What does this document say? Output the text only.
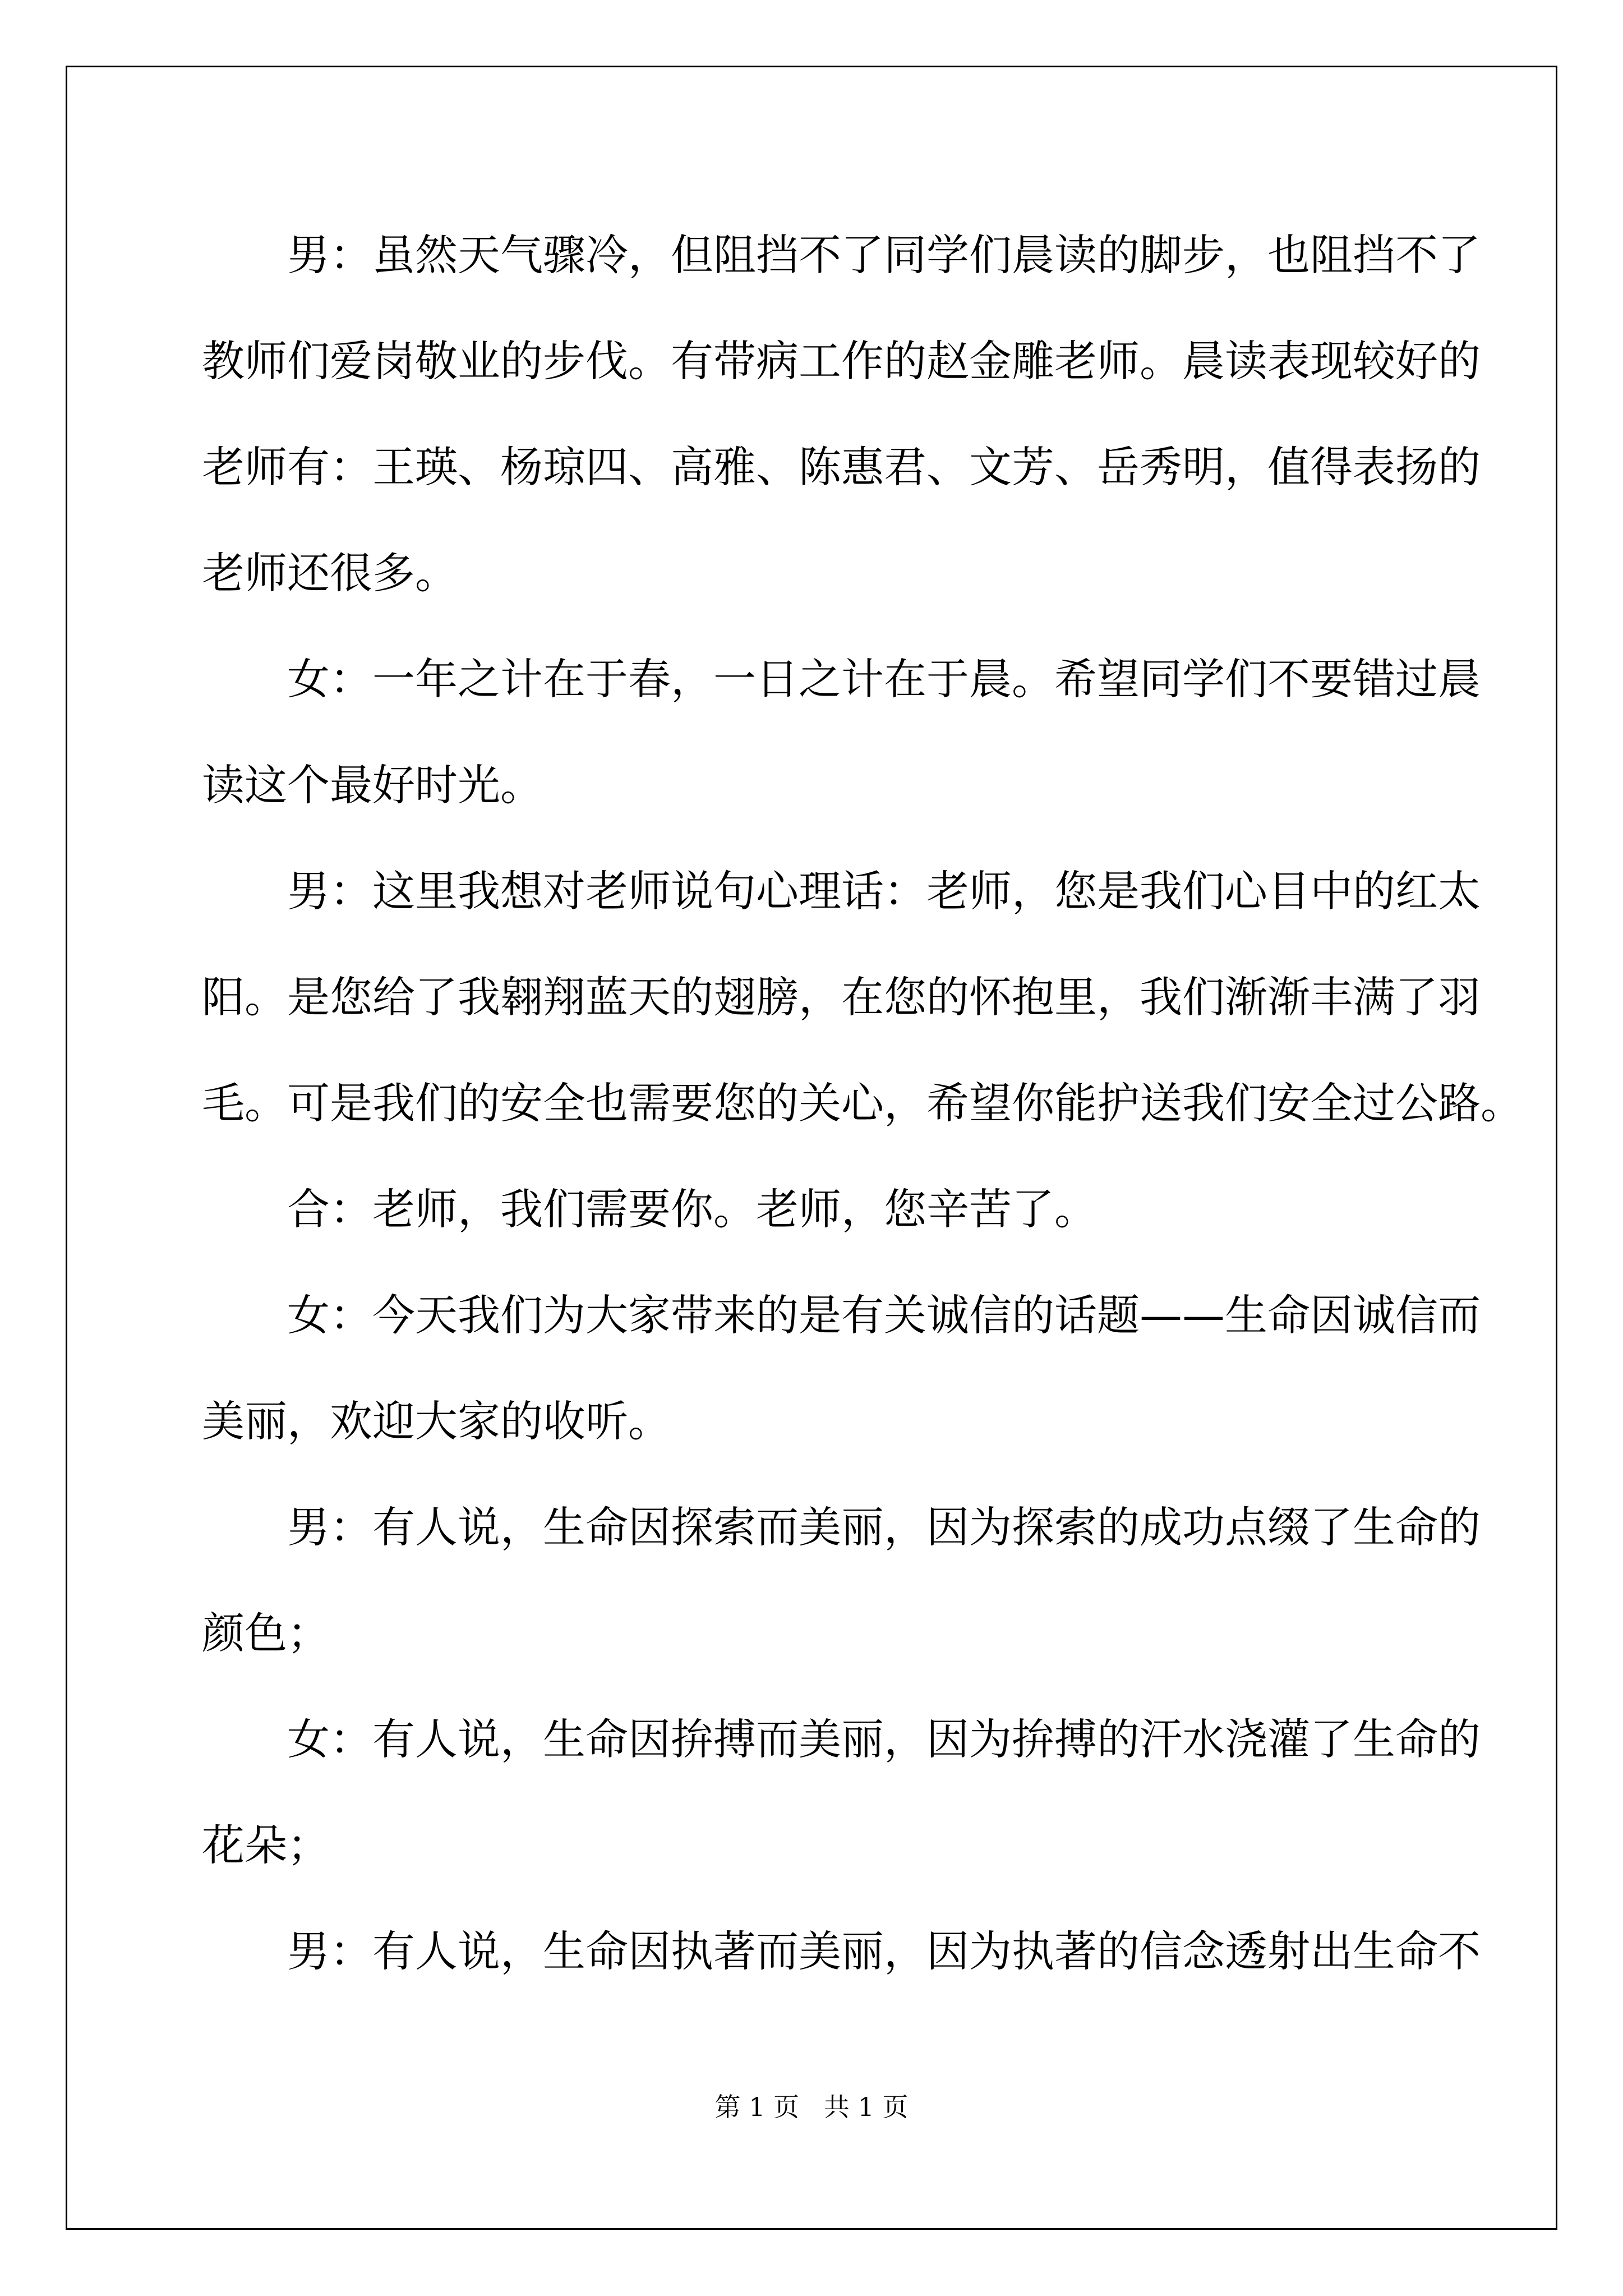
男：虽然天气骤冷，但阻挡不了同学们晨读的脚步，也阻挡不了
教师们爱岗敬业的步伐。有带病工作的赵金雕老师。晨读表现较好的
老师有：王瑛、杨琼四、高雅、陈惠君、文芳、岳秀明，值得表扬的
老师还很多。
女：一年之计在于春，一日之计在于晨。希望同学们不要错过晨
读这个最好时光。
男：这里我想对老师说句心理话：老师，您是我们心目中的红太
阳。是您给了我翱翔蓝天的翅膀，在您的怀抱里，我们渐渐丰满了羽
毛。可是我们的安全也需要您的关心，希望你能护送我们安全过公路。
合：老师，我们需要你。老师，您辛苦了。
女：今天我们为大家带来的是有关诚信的话题——生命因诚信而
美丽，欢迎大家的收听。
男：有人说，生命因探索而美丽，因为探索的成功点缀了生命的
颜色；
女：有人说，生命因拚搏而美丽，因为拚搏的汗水浇灌了生命的
花朵；
男：有人说，生命因执著而美丽，因为执著的信念透射出生命不
第 1 页   共 1 页
